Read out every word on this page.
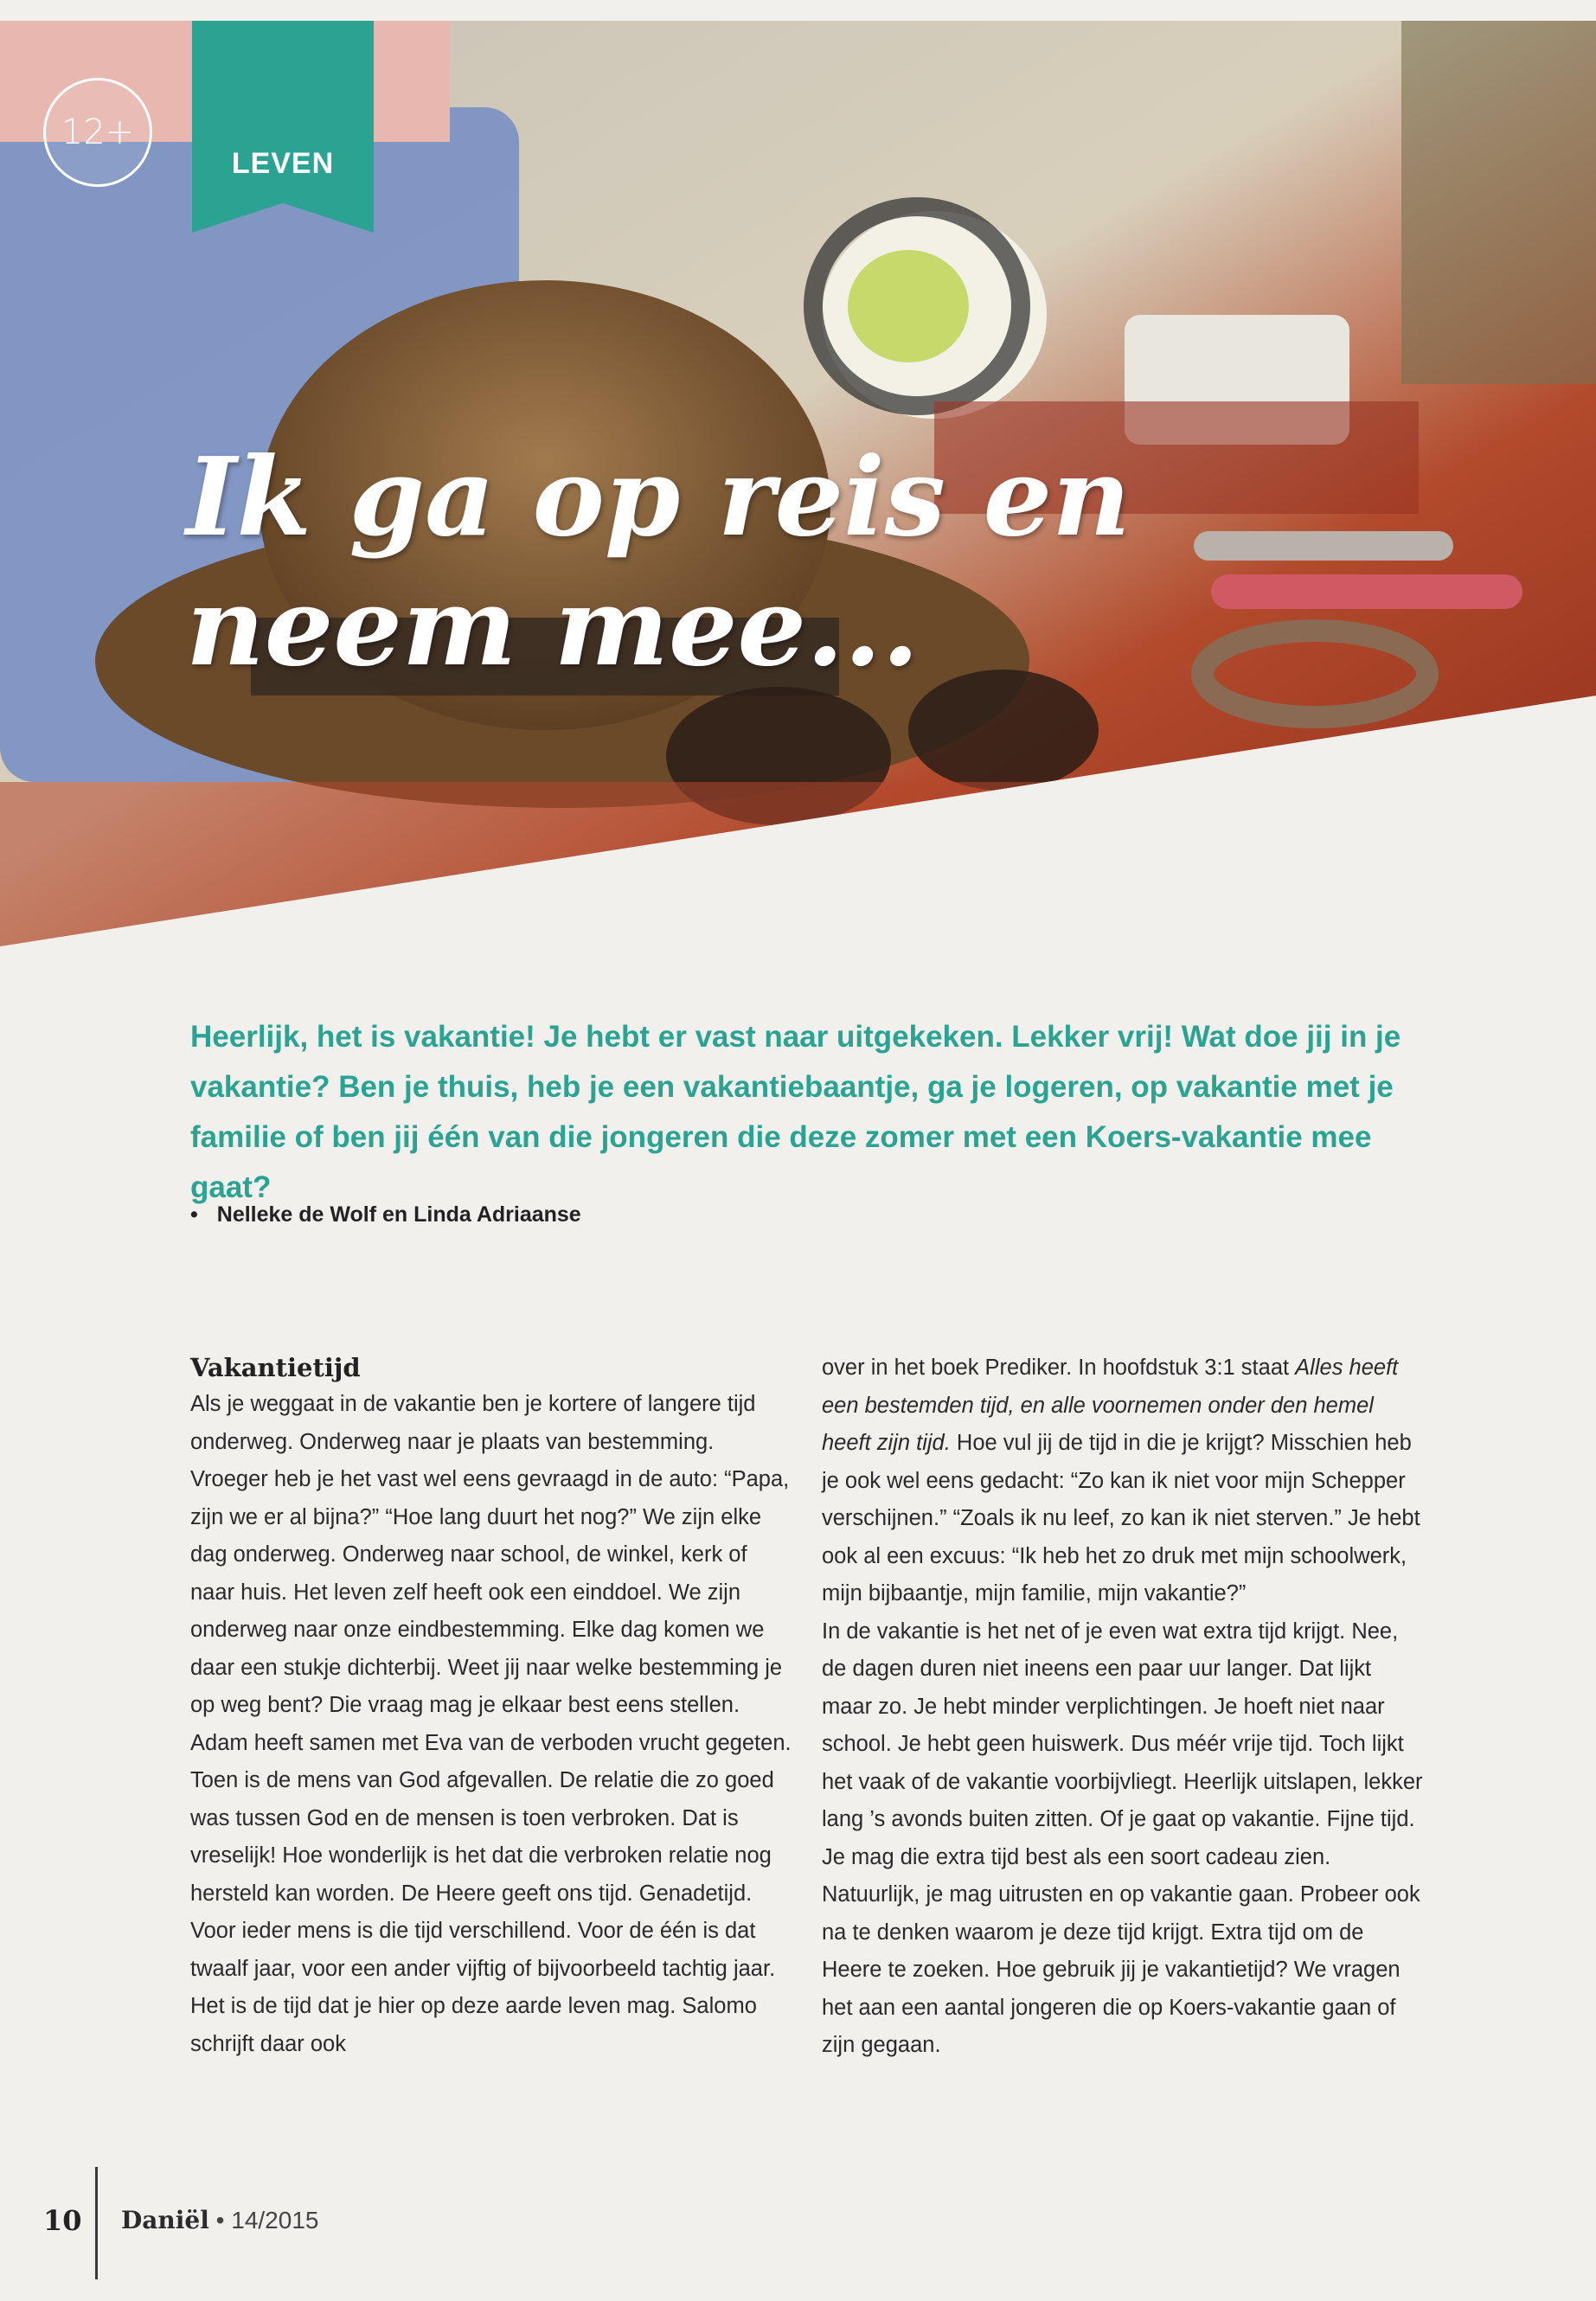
12+
LEVEN
Ik ga op reis en
neem mee...
Heerlijk, het is vakantie! Je hebt er vast naar uitgekeken. Lekker vrij! Wat doe jij in je vakantie? Ben je thuis, heb je een vakantiebaantje, ga je logeren, op vakantie met je familie of ben jij één van die jongeren die deze zomer met een Koers-vakantie mee gaat?
• Nelleke de Wolf en Linda Adriaanse
Vakantietijd

Als je weggaat in de vakantie ben je kortere of langere tijd onderweg. Onderweg naar je plaats van bestemming. Vroeger heb je het vast wel eens gevraagd in de auto: “Papa, zijn we er al bijna?” “Hoe lang duurt het nog?” We zijn elke dag onderweg. Onderweg naar school, de winkel, kerk of naar huis. Het leven zelf heeft ook een einddoel. We zijn onderweg naar onze eindbestemming. Elke dag komen we daar een stukje dichterbij. Weet jij naar welke bestemming je op weg bent? Die vraag mag je elkaar best eens stellen.

Adam heeft samen met Eva van de verboden vrucht gegeten. Toen is de mens van God afgevallen. De relatie die zo goed was tussen God en de mensen is toen verbroken. Dat is vreselijk! Hoe wonderlijk is het dat die verbroken relatie nog hersteld kan worden. De Heere geeft ons tijd. Genadetijd. Voor ieder mens is die tijd verschillend. Voor de één is dat twaalf jaar, voor een ander vijftig of bijvoorbeeld tachtig jaar. Het is de tijd dat je hier op deze aarde leven mag. Salomo schrijft daar ook

over in het boek Prediker. In hoofdstuk 3:1 staat Alles heeft een bestemden tijd, en alle voornemen onder den hemel heeft zijn tijd. Hoe vul jij de tijd in die je krijgt? Misschien heb je ook wel eens gedacht: “Zo kan ik niet voor mijn Schepper verschijnen.” “Zoals ik nu leef, zo kan ik niet sterven.” Je hebt ook al een excuus: “Ik heb het zo druk met mijn schoolwerk, mijn bijbaantje, mijn familie, mijn vakantie?”

In de vakantie is het net of je even wat extra tijd krijgt. Nee, de dagen duren niet ineens een paar uur langer. Dat lijkt maar zo. Je hebt minder verplichtingen. Je hoeft niet naar school. Je hebt geen huiswerk. Dus méér vrije tijd. Toch lijkt het vaak of de vakantie voorbijvliegt. Heerlijk uitslapen, lekker lang ’s avonds buiten zitten. Of je gaat op vakantie. Fijne tijd. Je mag die extra tijd best als een soort cadeau zien. Natuurlijk, je mag uitrusten en op vakantie gaan. Probeer ook na te denken waarom je deze tijd krijgt. Extra tijd om de Heere te zoeken. Hoe gebruik jij je vakantietijd? We vragen het aan een aantal jongeren die op Koers-vakantie gaan of zijn gegaan.

10 Daniël • 14/2015
